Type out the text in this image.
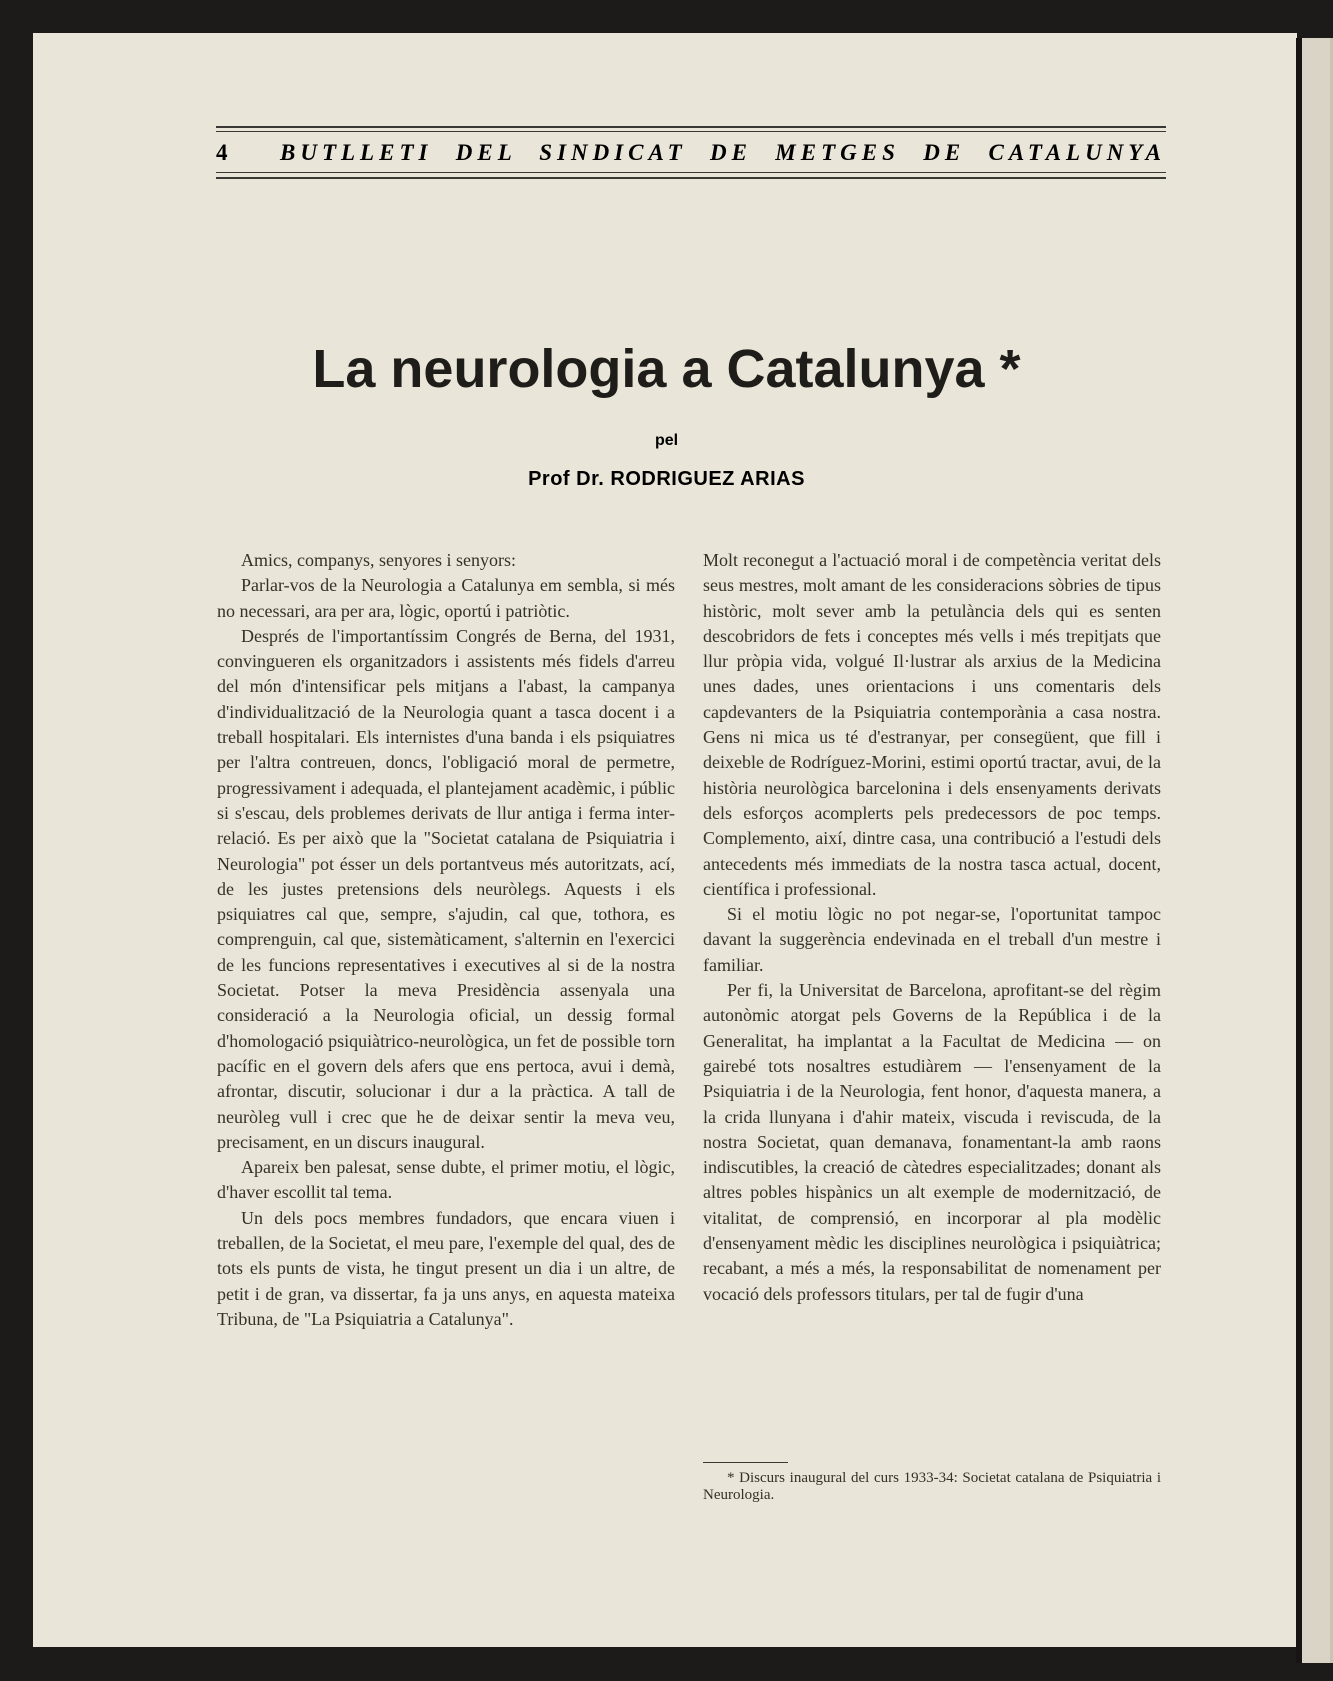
4 BUTLLETI DEL SINDICAT DE METGES DE CATALUNYA
La neurologia a Catalunya *
pel
Prof Dr. RODRIGUEZ ARIAS

Amics, companys, senyores i senyors:

Parlar-vos de la Neurologia a Catalunya em sembla, si més no necessari, ara per ara, lògic, oportú i patriòtic.

Després de l'importantíssim Congrés de Berna, del 1931, convingueren els organitzadors i assistents més fidels d'arreu del món d'intensificar pels mitjans a l'abast, la campanya d'individualització de la Neurologia quant a tasca docent i a treball hospitalari. Els internistes d'una banda i els psiquiatres per l'altra contreuen, doncs, l'obligació moral de permetre, progressivament i adequada, el plantejament acadèmic, i públic si s'escau, dels problemes derivats de llur antiga i ferma inter-relació. Es per això que la "Societat catalana de Psiquiatria i Neurologia" pot ésser un dels portantveus més autoritzats, ací, de les justes pretensions dels neuròlegs. Aquests i els psiquiatres cal que, sempre, s'ajudin, cal que, tothora, es comprenguin, cal que, sistemàticament, s'alternin en l'exercici de les funcions representatives i executives al si de la nostra Societat. Potser la meva Presidència assenyala una consideració a la Neurologia oficial, un dessig formal d'homologació psiquiàtrico-neurològica, un fet de possible torn pacífic en el govern dels afers que ens pertoca, avui i demà, afrontar, discutir, solucionar i dur a la pràctica. A tall de neuròleg vull i crec que he de deixar sentir la meva veu, precisament, en un discurs inaugural.

Apareix ben palesat, sense dubte, el primer motiu, el lògic, d'haver escollit tal tema.

Un dels pocs membres fundadors, que encara viuen i treballen, de la Societat, el meu pare, l'exemple del qual, des de tots els punts de vista, he tingut present un dia i un altre, de petit i de gran, va dissertar, fa ja uns anys, en aquesta mateixa Tribuna, de "La Psiquiatria a Catalunya".

Molt reconegut a l'actuació moral i de competència veritat dels seus mestres, molt amant de les consideracions sòbries de tipus històric, molt sever amb la petulància dels qui es senten descobridors de fets i conceptes més vells i més trepitjats que llur pròpia vida, volgué Il·lustrar als arxius de la Medicina unes dades, unes orientacions i uns comentaris dels capdevanters de la Psiquiatria contemporània a casa nostra. Gens ni mica us té d'estranyar, per consegüent, que fill i deixeble de Rodríguez-Morini, estimi oportú tractar, avui, de la història neurològica barcelonina i dels ensenyaments derivats dels esforços acomplerts pels predecessors de poc temps. Complemento, així, dintre casa, una contribució a l'estudi dels antecedents més immediats de la nostra tasca actual, docent, científica i professional.

Si el motiu lògic no pot negar-se, l'oportunitat tampoc davant la suggerència endevinada en el treball d'un mestre i familiar.

Per fi, la Universitat de Barcelona, aprofitant-se del règim autonòmic atorgat pels Governs de la República i de la Generalitat, ha implantat a la Facultat de Medicina — on gairebé tots nosaltres estudiàrem — l'ensenyament de la Psiquiatria i de la Neurologia, fent honor, d'aquesta manera, a la crida llunyana i d'ahir mateix, viscuda i reviscuda, de la nostra Societat, quan demanava, fonamentant-la amb raons indiscutibles, la creació de càtedres especialitzades; donant als altres pobles hispànics un alt exemple de modernització, de vitalitat, de comprensió, en incorporar al pla modèlic d'ensenyament mèdic les disciplines neurològica i psiquiàtrica; recabant, a més a més, la responsabilitat de nomenament per vocació dels professors titulars, per tal de fugir d'una

* Discurs inaugural del curs 1933-34: Societat catalana de Psiquiatria i Neurologia.
